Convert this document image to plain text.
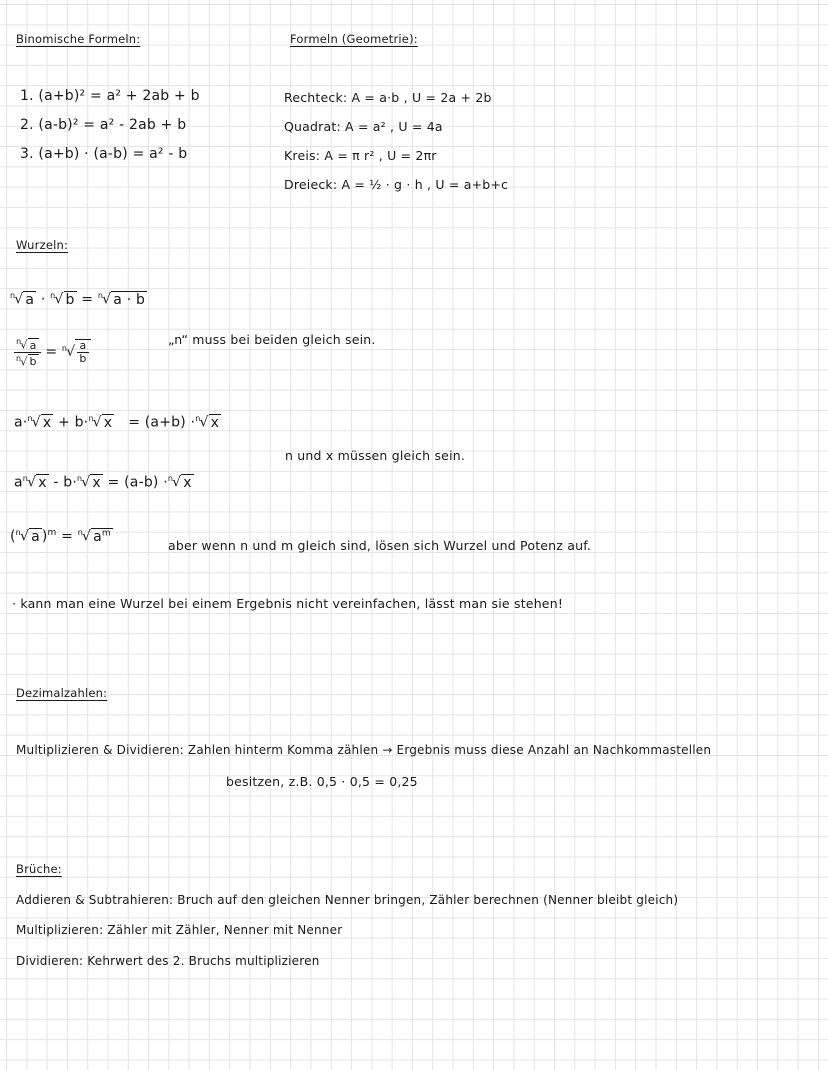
Binomische Formeln:	Formeln (Geometrie):
1. (a+b)² = a² + 2ab + b
2. (a-b)² = a² - 2ab + b
3. (a+b) · (a-b) = a² - b
Rechteck: A = a·b , U = 2a + 2b
Quadrat: A = a² , U = 4a
Kreis: A = π r² , U = 2πr
Dreieck: A = ½ · g · h , U = a+b+c
Wurzeln:
$^n$√ a · $^n$√ b = $^n$√ a · b
$\frac{^n√ a}{^n√ b} = ^n√ \frac{a}{b}$	„n“ muss bei beiden gleich sein.
a·$^n$√ x + b·$^n$√ x = (a+b) ·$^n$√ x
n und x müssen gleich sein.
$a^n√$ x - b·$^n$√ x = (a-b) ·$^n$√ x
($^n$√ a )$^m$ = $^n$√ $a^m$
aber wenn n und m gleich sind, lösen sich Wurzel und Potenz auf.
· kann man eine Wurzel bei einem Ergebnis nicht vereinfachen, lässt man sie stehen!
Dezimalzahlen:
Multiplizieren & Dividieren: Zahlen hinterm Komma zählen → Ergebnis muss diese Anzahl an Nachkommastellen
besitzen, z.B. 0,5 · 0,5 = 0,25
Brüche:
Addieren & Subtrahieren: Bruch auf den gleichen Nenner bringen, Zähler berechnen (Nenner bleibt gleich)
Multiplizieren: Zähler mit Zähler, Nenner mit Nenner
Dividieren: Kehrwert des 2. Bruchs multiplizieren
